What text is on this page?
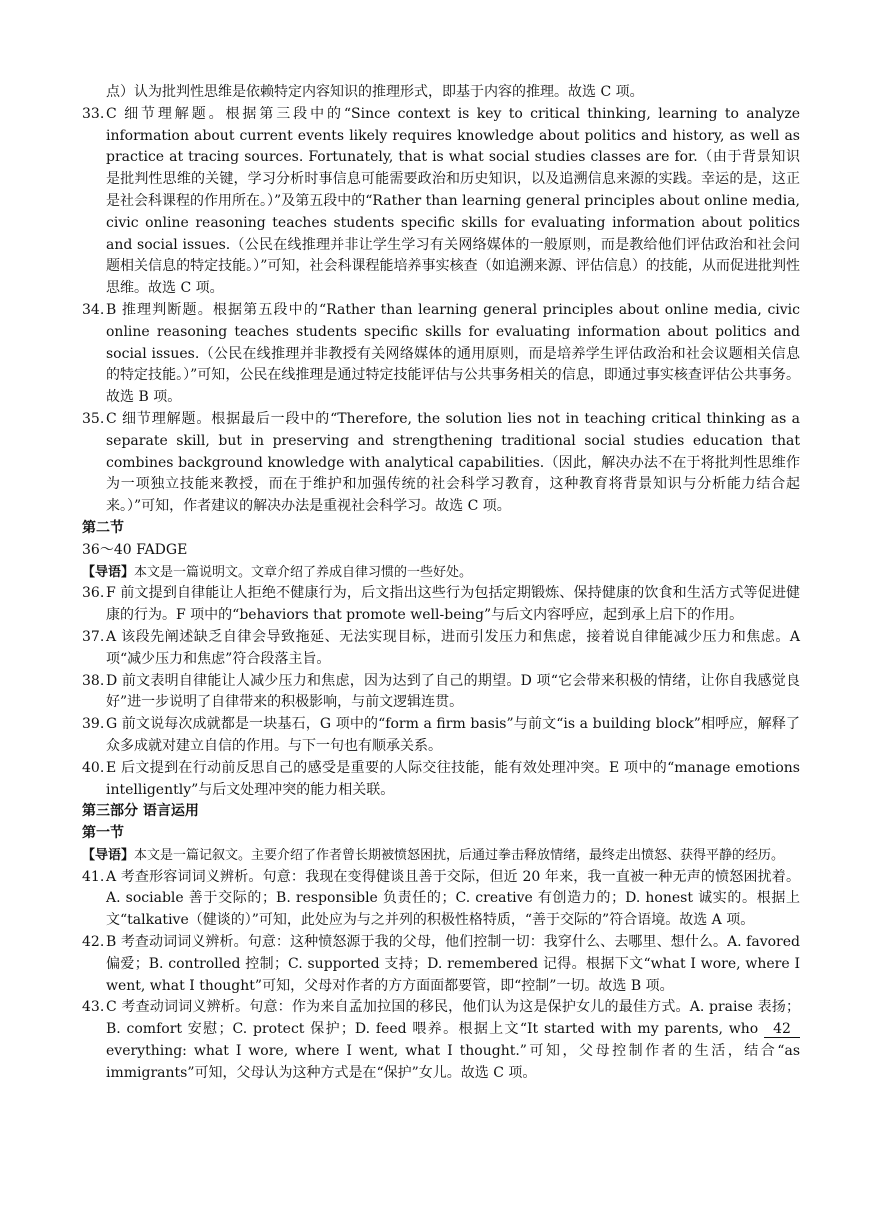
点）认为批判性思维是依赖特定内容知识的推理形式，即基于内容的推理。故选 C 项。
33. C 细节理解题。根据第三段中的“Since context is key to critical thinking, learning to analyze information about current events likely requires knowledge about politics and history, as well as practice at tracing sources. Fortunately, that is what social studies classes are for.（由于背景知识是批判性思维的关键，学习分析时事信息可能需要政治和历史知识，以及追溯信息来源的实践。幸运的是，这正是社会科课程的作用所在。）”及第五段中的“Rather than learning general principles about online media, civic online reasoning teaches students specific skills for evaluating information about politics and social issues.（公民在线推理并非让学生学习有关网络媒体的一般原则，而是教给他们评估政治和社会问题相关信息的特定技能。）”可知，社会科课程能培养事实核查（如追溯来源、评估信息）的技能，从而促进批判性思维。故选 C 项。
34. B 推理判断题。根据第五段中的“Rather than learning general principles about online media, civic online reasoning teaches students specific skills for evaluating information about politics and social issues.（公民在线推理并非教授有关网络媒体的通用原则，而是培养学生评估政治和社会议题相关信息的特定技能。）”可知，公民在线推理是通过特定技能评估与公共事务相关的信息，即通过事实核查评估公共事务。故选 B 项。
35. C 细节理解题。根据最后一段中的“Therefore, the solution lies not in teaching critical thinking as a separate skill, but in preserving and strengthening traditional social studies education that combines background knowledge with analytical capabilities.（因此，解决办法不在于将批判性思维作为一项独立技能来教授，而在于维护和加强传统的社会科学习教育，这种教育将背景知识与分析能力结合起来。）”可知，作者建议的解决办法是重视社会科学习。故选 C 项。
第二节
36～40 FADGE
【导语】本文是一篇说明文。文章介绍了养成自律习惯的一些好处。
36. F 前文提到自律能让人拒绝不健康行为，后文指出这些行为包括定期锻炼、保持健康的饮食和生活方式等促进健康的行为。F 项中的“behaviors that promote well-being”与后文内容呼应，起到承上启下的作用。
37. A 该段先阐述缺乏自律会导致拖延、无法实现目标，进而引发压力和焦虑，接着说自律能减少压力和焦虑。A 项“减少压力和焦虑”符合段落主旨。
38. D 前文表明自律能让人减少压力和焦虑，因为达到了自己的期望。D 项“它会带来积极的情绪，让你自我感觉良好”进一步说明了自律带来的积极影响，与前文逻辑连贯。
39. G 前文说每次成就都是一块基石，G 项中的“form a firm basis”与前文“is a building block”相呼应，解释了众多成就对建立自信的作用。与下一句也有顺承关系。
40. E 后文提到在行动前反思自己的感受是重要的人际交往技能，能有效处理冲突。E 项中的“manage emotions intelligently”与后文处理冲突的能力相关联。
第三部分 语言运用
第一节
【导语】本文是一篇记叙文。主要介绍了作者曾长期被愤怒困扰，后通过拳击释放情绪，最终走出愤怒、获得平静的经历。
41. A 考查形容词词义辨析。句意：我现在变得健谈且善于交际，但近 20 年来，我一直被一种无声的愤怒困扰着。A. sociable 善于交际的；B. responsible 负责任的；C. creative 有创造力的；D. honest 诚实的。根据上文“talkative（健谈的）”可知，此处应为与之并列的积极性格特质，“善于交际的”符合语境。故选 A 项。
42. B 考查动词词义辨析。句意：这种愤怒源于我的父母，他们控制一切：我穿什么、去哪里、想什么。A. favored 偏爱；B. controlled 控制；C. supported 支持；D. remembered 记得。根据下文“what I wore, where I went, what I thought”可知，父母对作者的方方面面都要管，即“控制”一切。故选 B 项。
43. C 考查动词词义辨析。句意：作为来自孟加拉国的移民，他们认为这是保护女儿的最佳方式。A. praise 表扬；B. comfort 安慰；C. protect 保护；D. feed 喂养。根据上文“It started with my parents, who 42 everything: what I wore, where I went, what I thought.”可知，父母控制作者的生活，结合“as immigrants”可知，父母认为这种方式是在“保护”女儿。故选 C 项。
